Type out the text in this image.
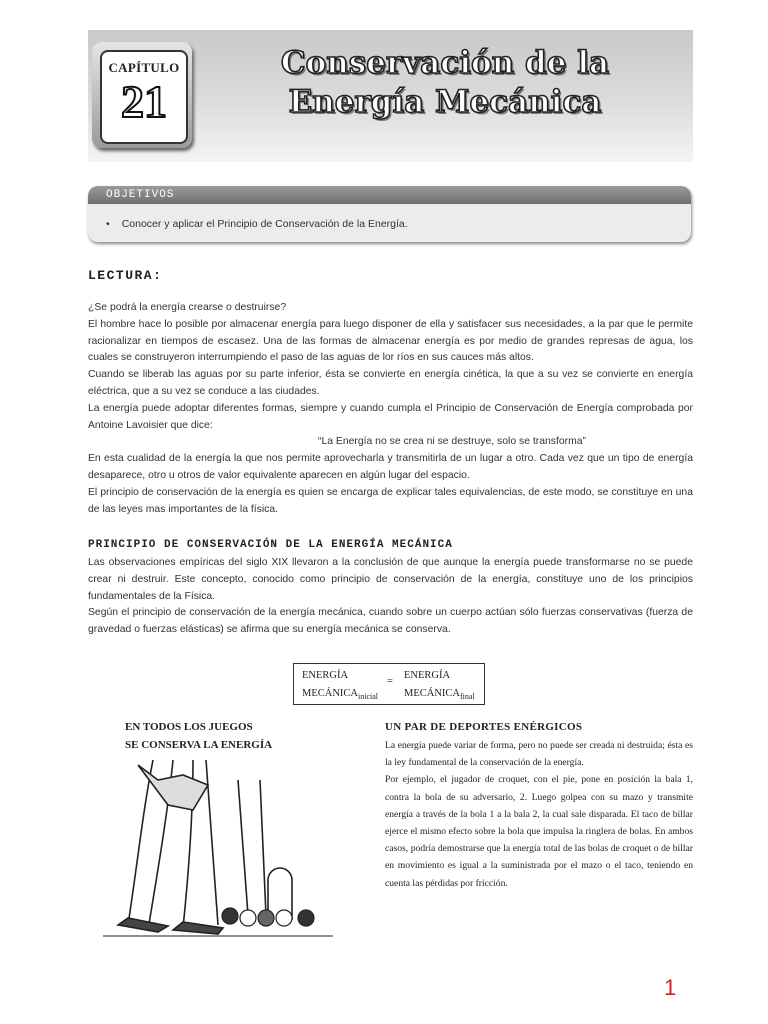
CAPÍTULO
21
Conservación de la
Energía Mecánica
OBJETIVOS
• Conocer y aplicar el Principio de Conservación de la Energía.
LECTURA:

¿Se podrá la energía crearse o destruirse?

El hombre hace lo posible por almacenar energía para luego disponer de ella y satisfacer sus necesidades, a la par que le permite racionalizar en tiempos de escasez. Una de las formas de almacenar energía es por medio de grandes represas de agua, los cuales se construyeron interrumpiendo el paso de las aguas de lor ríos en sus cauces más altos.

Cuando se liberab las aguas por su parte inferior, ésta se convierte en energía cinética, la que a su vez se convierte en energía eléctrica, que a su vez se conduce a las ciudades.

La energía puede adoptar diferentes formas, siempre y cuando cumpla el Principio de Conservación de Energía comprobada por Antoine Lavoisier que dice:

“La Energía no se crea ni se destruye, solo se transforma”

En esta cualidad de la energía la que nos permite aprovecharla y transmitirla de un lugar a otro. Cada vez que un tipo de energía desaparece, otro u otros de valor equivalente aparecen en algún lugar del espacio.

El principio de conservación de la energía es quien se encarga de explicar tales equivalencias, de este modo, se constituye en una de las leyes mas importantes de la física.

PRINCIPIO DE CONSERVACIÓN DE LA ENERGÍA MECÁNICA

Las observaciones empíricas del siglo XIX llevaron a la conclusión de que aunque la energía puede transformarse no se puede crear ni destruir. Este concepto, conocido como principio de conservación de la energía, constituye uno de los principios fundamentales de la Física.

Según el principio de conservación de la energía mecánica, cuando sobre un cuerpo actúan sólo fuerzas conservativas (fuerza de gravedad o fuerzas elásticas) se afirma que su energía mecánica se conserva.

ENERGÍA
$MECÁNICA_{inicial}$
=
ENERGÍA
$MECÁNICA_{final}$
EN TODOS LOS JUEGOS
SE CONSERVA LA ENERGÍA
UN PAR DE DEPORTES ENÉRGICOS

La energía puede variar de forma, pero no puede ser creada ni destruida; ésta es la ley fundamental de la conservación de la energía.

Por ejemplo, el jugador de croquet, con el pie, pone en posición la bala 1, contra la bola de su adversario, 2. Luego golpea con su mazo y transmite energía a través de la bola 1 a la bala 2, la cual sale disparada. El taco de billar ejerce el mismo efecto sobre la bola que impulsa la ringlera de bolas. En ambos casos, podría demostrarse que la energía total de las bolas de croquet o de billar en movimiento es igual a la suministrada por el mazo o el taco, teniendo en cuenta las pérdidas por fricción.

1
